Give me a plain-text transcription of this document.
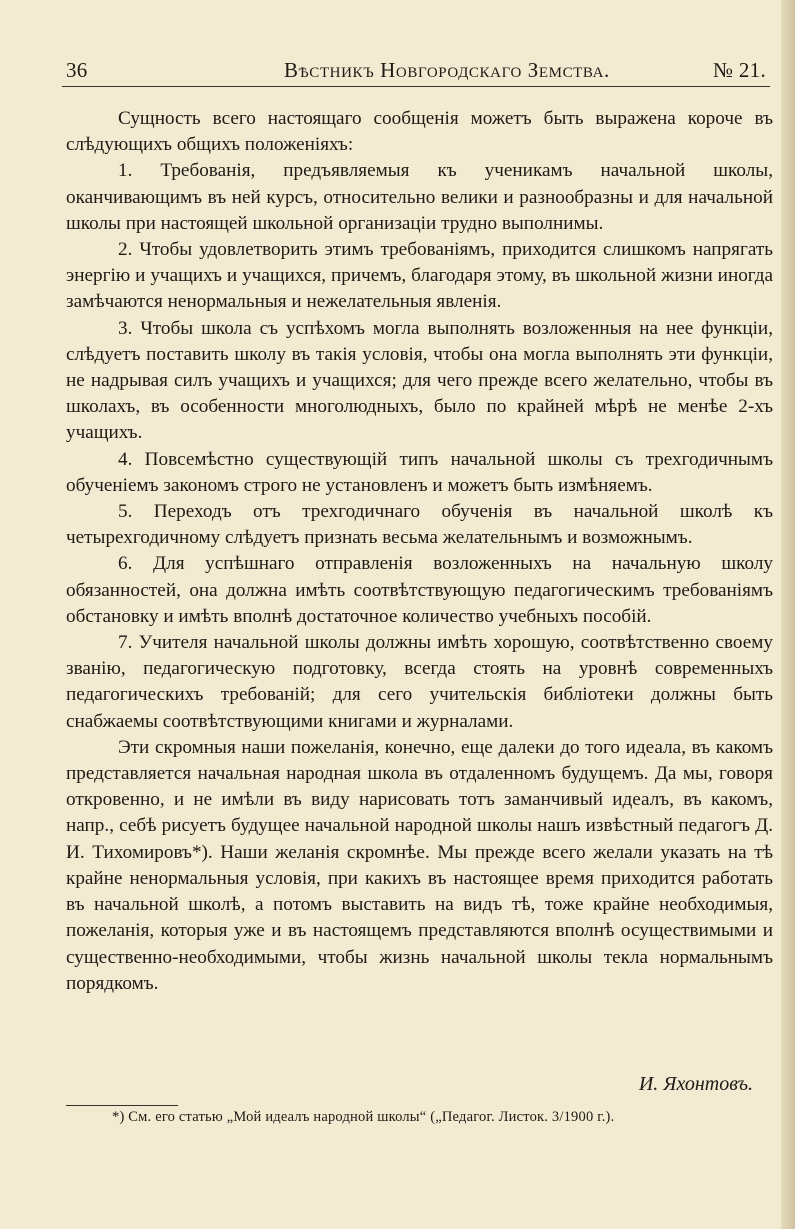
36	Вѣстникъ Новгородскаго Земства.	№ 21.

Сущность всего настоящаго сообщенія можетъ быть выражена короче въ слѣдующихъ общихъ положеніяхъ:

1. Требованія, предъявляемыя къ ученикамъ начальной школы, оканчивающимъ въ ней курсъ, относительно велики и разнообразны и для начальной школы при настоящей школьной организаціи трудно выполнимы.

2. Чтобы удовлетворить этимъ требованіямъ, приходится слишкомъ напрягать энергію и учащихъ и учащихся, причемъ, благодаря этому, въ школьной жизни иногда замѣчаются ненормальныя и нежелательныя явленія.

3. Чтобы школа съ успѣхомъ могла выполнять возложенныя на нее функціи, слѣдуетъ поставить школу въ такія условія, чтобы она могла выполнять эти функціи, не надрывая силъ учащихъ и учащихся; для чего прежде всего желательно, чтобы въ школахъ, въ особенности многолюдныхъ, было по крайней мѣрѣ не менѣе 2-хъ учащихъ.

4. Повсемѣстно существующій типъ начальной школы съ трехгодичнымъ обученіемъ закономъ строго не установленъ и можетъ быть измѣняемъ.

5. Переходъ отъ трехгодичнаго обученія въ начальной школѣ къ четырехгодичному слѣдуетъ признать весьма желательнымъ и возможнымъ.

6. Для успѣшнаго отправленія возложенныхъ на начальную школу обязанностей, она должна имѣть соотвѣтствующую педагогическимъ требованіямъ обстановку и имѣть вполнѣ достаточное количество учебныхъ пособій.

7. Учителя начальной школы должны имѣть хорошую, соотвѣтственно своему званію, педагогическую подготовку, всегда стоять на уровнѣ современныхъ педагогическихъ требованій; для сего учительскія библіотеки должны быть снабжаемы соотвѣтствующими книгами и журналами.

Эти скромныя наши пожеланія, конечно, еще далеки до того идеала, въ какомъ представляется начальная народная школа въ отдаленномъ будущемъ. Да мы, говоря откровенно, и не имѣли въ виду нарисовать тотъ заманчивый идеалъ, въ какомъ, напр., себѣ рисуетъ будущее начальной народной школы нашъ извѣстный педагогъ Д. И. Тихомировъ*). Наши желанія скромнѣе. Мы прежде всего желали указать на тѣ крайне ненормальныя условія, при какихъ въ настоящее время приходится работать въ начальной школѣ, а потомъ выставить на видъ тѣ, тоже крайне необходимыя, пожеланія, которыя уже и въ настоящемъ представляются вполнѣ осуществимыми и существенно-необходимыми, чтобы жизнь начальной школы текла нормальнымъ порядкомъ.

И. Яхонтовъ.
*) См. его статью „Мой идеалъ народной школы“ („Педагог. Листок. 3/1900 г.).
